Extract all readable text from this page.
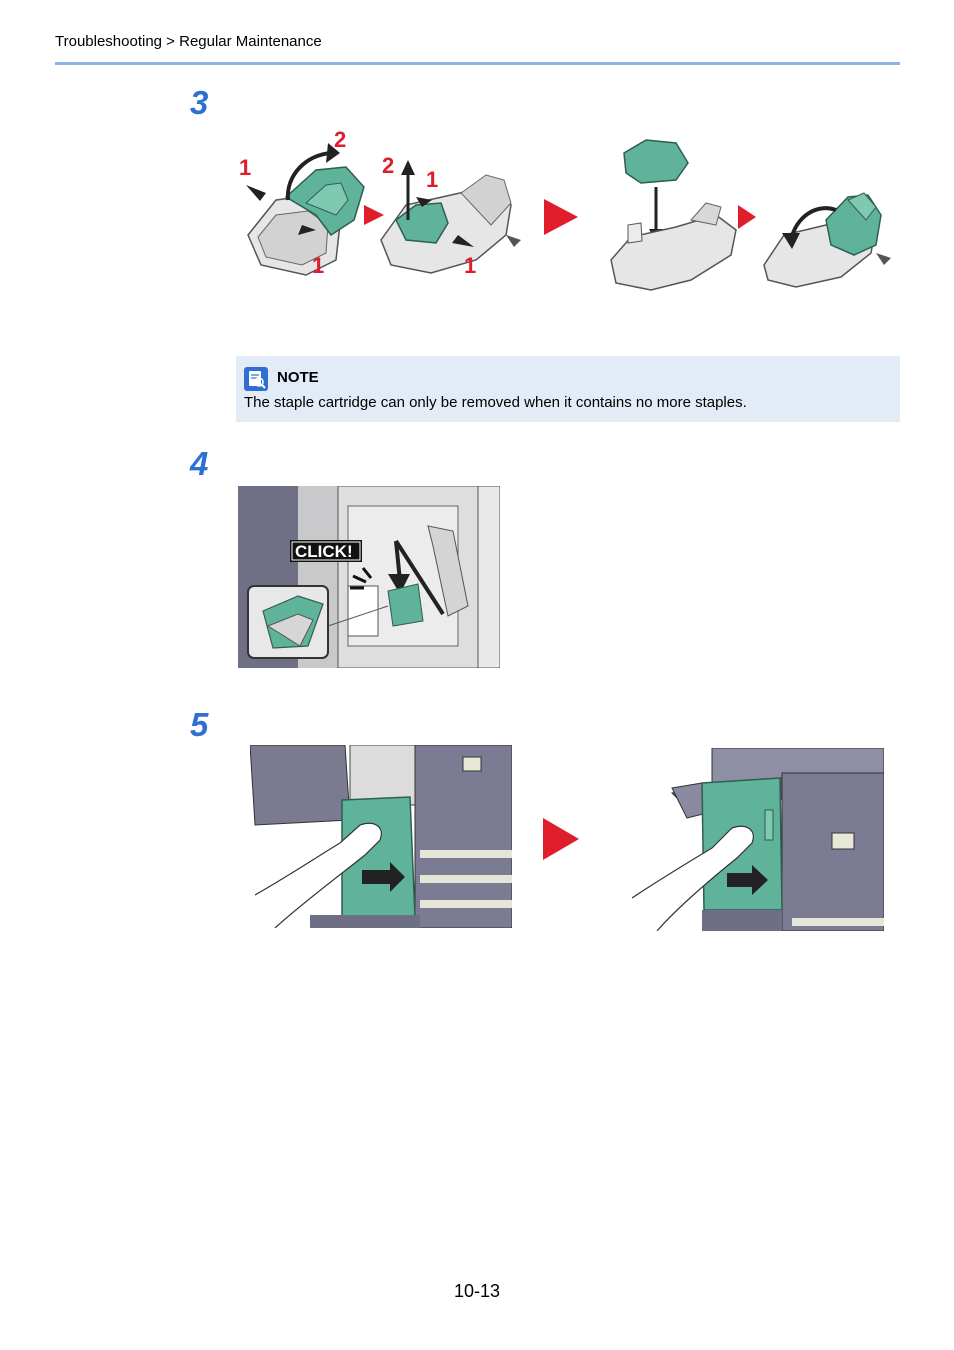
Troubleshooting > Regular Maintenance
3
1
2
1
2
1
1
NOTE
The staple cartridge can only be removed when it contains no more staples.
4
CLICK!
5
10-13
